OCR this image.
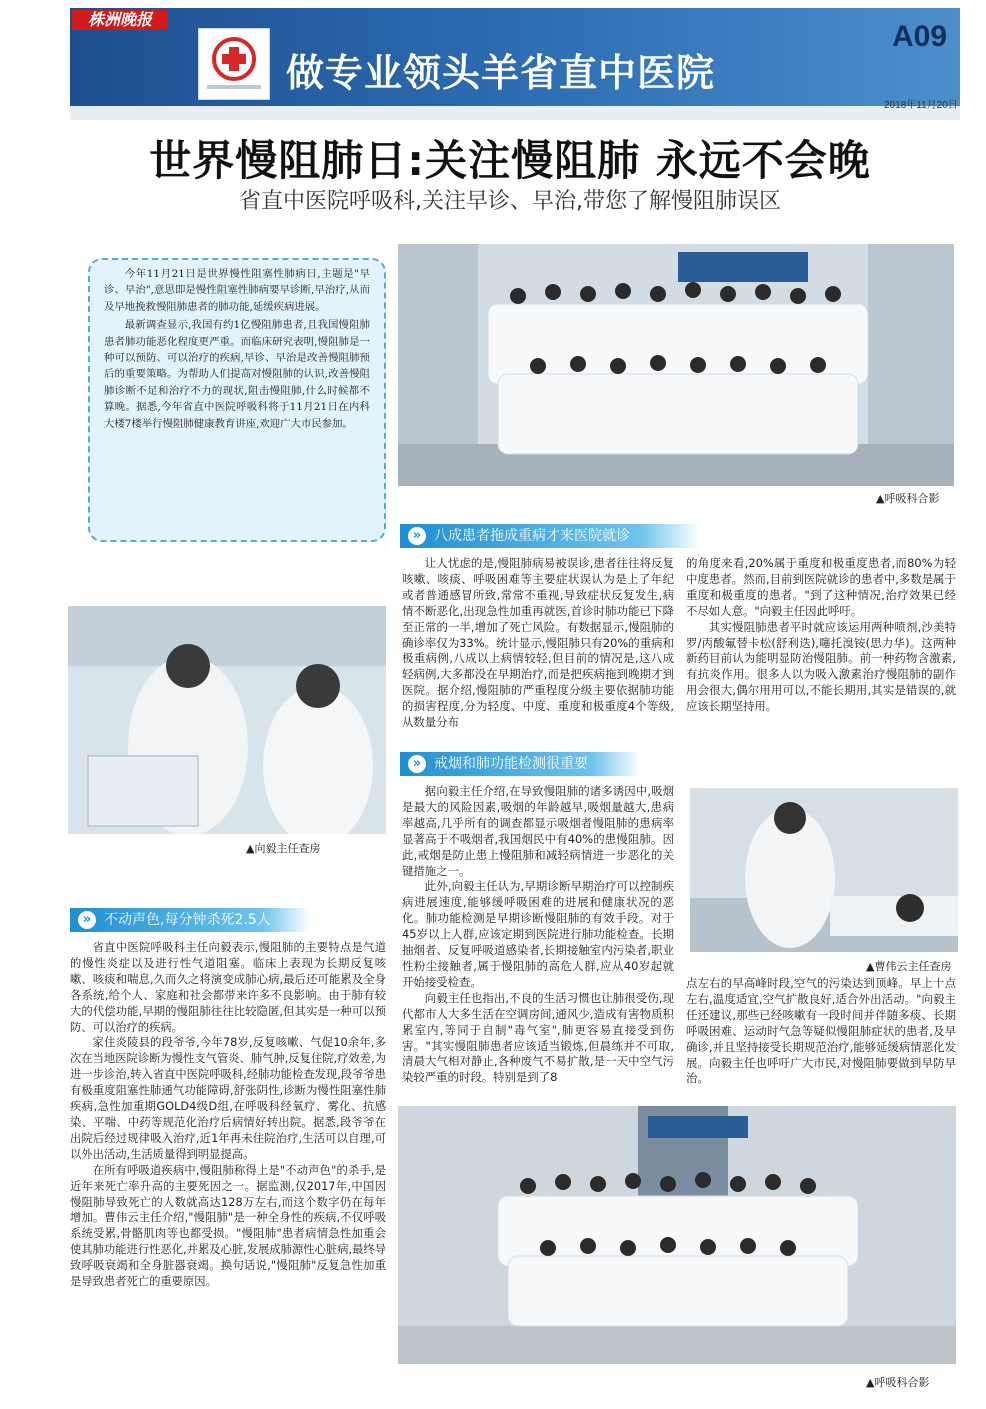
株洲晚报
A09
做专业领头羊省直中医院
2018年11月20日
世界慢阻肺日:关注慢阻肺 永远不会晚
省直中医院呼吸科,关注早诊、早治,带您了解慢阻肺误区

今年11月21日是世界慢性阻塞性肺病日,主题是"早诊、早治",意思即是慢性阻塞性肺病要早诊断,早治疗,从而及早地挽救慢阻肺患者的肺功能,延缓疾病进展。

最新调查显示,我国有约1亿慢阻肺患者,且我国慢阻肺患者肺功能恶化程度更严重。而临床研究表明,慢阻肺是一种可以预防、可以治疗的疾病,早诊、早治是改善慢阻肺预后的重要策略。为帮助人们提高对慢阻肺的认识,改善慢阻肺诊断不足和治疗不力的现状,阻击慢阻肺,什么时候都不算晚。据悉,今年省直中医院呼吸科将于11月21日在内科大楼7楼举行慢阻肺健康教育讲座,欢迎广大市民参加。

▲呼吸科合影
» 八成患者拖成重病才来医院就诊

让人忧虑的是,慢阻肺病易被误诊,患者往往将反复咳嗽、咳痰、呼吸困难等主要症状误认为是上了年纪或者普通感冒所致,常常不重视,导致症状反复发生,病情不断恶化,出现急性加重再就医,首诊时肺功能已下降至正常的一半,增加了死亡风险。有数据显示,慢阻肺的确诊率仅为33%。统计显示,慢阻肺只有20%的重病和极重病例,八成以上病情较轻,但目前的情况是,这八成轻病例,大多都没在早期治疗,而是把疾病拖到晚期才到医院。据介绍,慢阻肺的严重程度分级主要依据肺功能的损害程度,分为轻度、中度、重度和极重度4个等级,从数量分布

的角度来看,20%属于重度和极重度患者,而80%为轻中度患者。然而,目前到医院就诊的患者中,多数是属于重度和极重度的患者。"到了这种情况,治疗效果已经不尽如人意。"向毅主任因此呼吁。

其实慢阻肺患者平时就应该运用两种喷剂,沙美特罗/丙酸氟替卡松(舒利迭),噻托溴铵(思力华)。这两种新药目前认为能明显防治慢阻肺。前一种药物含激素,有抗炎作用。很多人以为吸入激素治疗慢阻肺的副作用会很大,偶尔用用可以,不能长期用,其实是错误的,就应该长期坚持用。

▲向毅主任查房
» 戒烟和肺功能检测很重要

据向毅主任介绍,在导致慢阻肺的诸多诱因中,吸烟是最大的风险因素,吸烟的年龄越早,吸烟量越大,患病率越高,几乎所有的调查都显示吸烟者慢阻肺的患病率显著高于不吸烟者,我国烟民中有40%的患慢阻肺。因此,戒烟是防止患上慢阻肺和减轻病情进一步恶化的关键措施之一。

此外,向毅主任认为,早期诊断早期治疗可以控制疾病进展速度,能够缓呼吸困难的进展和健康状况的恶化。肺功能检测是早期诊断慢阻肺的有效手段。对于45岁以上人群,应该定期到医院进行肺功能检查。长期抽烟者、反复呼吸道感染者,长期接触室内污染者,职业性粉尘接触者,属于慢阻肺的高危人群,应从40岁起就开始接受检查。

向毅主任也指出,不良的生活习惯也让肺很受伤,现代都市人大多生活在空调房间,通风少,造成有害物质积累室内,等同于自制"毒气室",肺更容易直接受到伤害。"其实慢阻肺患者应该适当锻炼,但晨练并不可取,清晨大气相对静止,各种废气不易扩散,是一天中空气污染较严重的时段。特别是到了8

▲曹伟云主任查房

点左右的早高峰时段,空气的污染达到顶峰。早上十点左右,温度适宜,空气扩散良好,适合外出活动。"向毅主任还建议,那些已经咳嗽有一段时间并伴随多痰、长期呼吸困难、运动时气急等疑似慢阻肺症状的患者,及早确诊,并且坚持接受长期规范治疗,能够延缓病情恶化发展。向毅主任也呼吁广大市民,对慢阻肺要做到早防早治。

» 不动声色,每分钟杀死2.5人

省直中医院呼吸科主任向毅表示,慢阻肺的主要特点是气道的慢性炎症以及进行性气道阻塞。临床上表现为长期反复咳嗽、咳痰和喘息,久而久之将演变成肺心病,最后还可能累及全身各系统,给个人、家庭和社会都带来许多不良影响。由于肺有较大的代偿功能,早期的慢阻肺往往比较隐匿,但其实是一种可以预防、可以治疗的疾病。

家住炎陵县的段爷爷,今年78岁,反复咳嗽、气促10余年,多次在当地医院诊断为慢性支气管炎、肺气肿,反复住院,疗效差,为进一步诊治,转入省直中医院呼吸科,经肺功能检查发现,段爷爷患有极重度阻塞性肺通气功能障碍,舒张阴性,诊断为慢性阻塞性肺疾病,急性加重期GOLD4级D组,在呼吸科经氧疗、雾化、抗感染、平喘、中药等规范化治疗后病情好转出院。据悉,段爷爷在出院后经过规律吸入治疗,近1年再未住院治疗,生活可以自理,可以外出活动,生活质量得到明显提高。

在所有呼吸道疾病中,慢阻肺称得上是"不动声色"的杀手,是近年来死亡率升高的主要死因之一。据监测,仅2017年,中国因慢阻肺导致死亡的人数就高达128万左右,而这个数字仍在每年增加。曹伟云主任介绍,"慢阻肺"是一种全身性的疾病,不仅呼吸系统受累,骨骼肌肉等也都受损。"慢阻肺"患者病情急性加重会使其肺功能进行性恶化,并累及心脏,发展成肺源性心脏病,最终导致呼吸衰竭和全身脏器衰竭。换句话说,"慢阻肺"反复急性加重是导致患者死亡的重要原因。

▲呼吸科合影
